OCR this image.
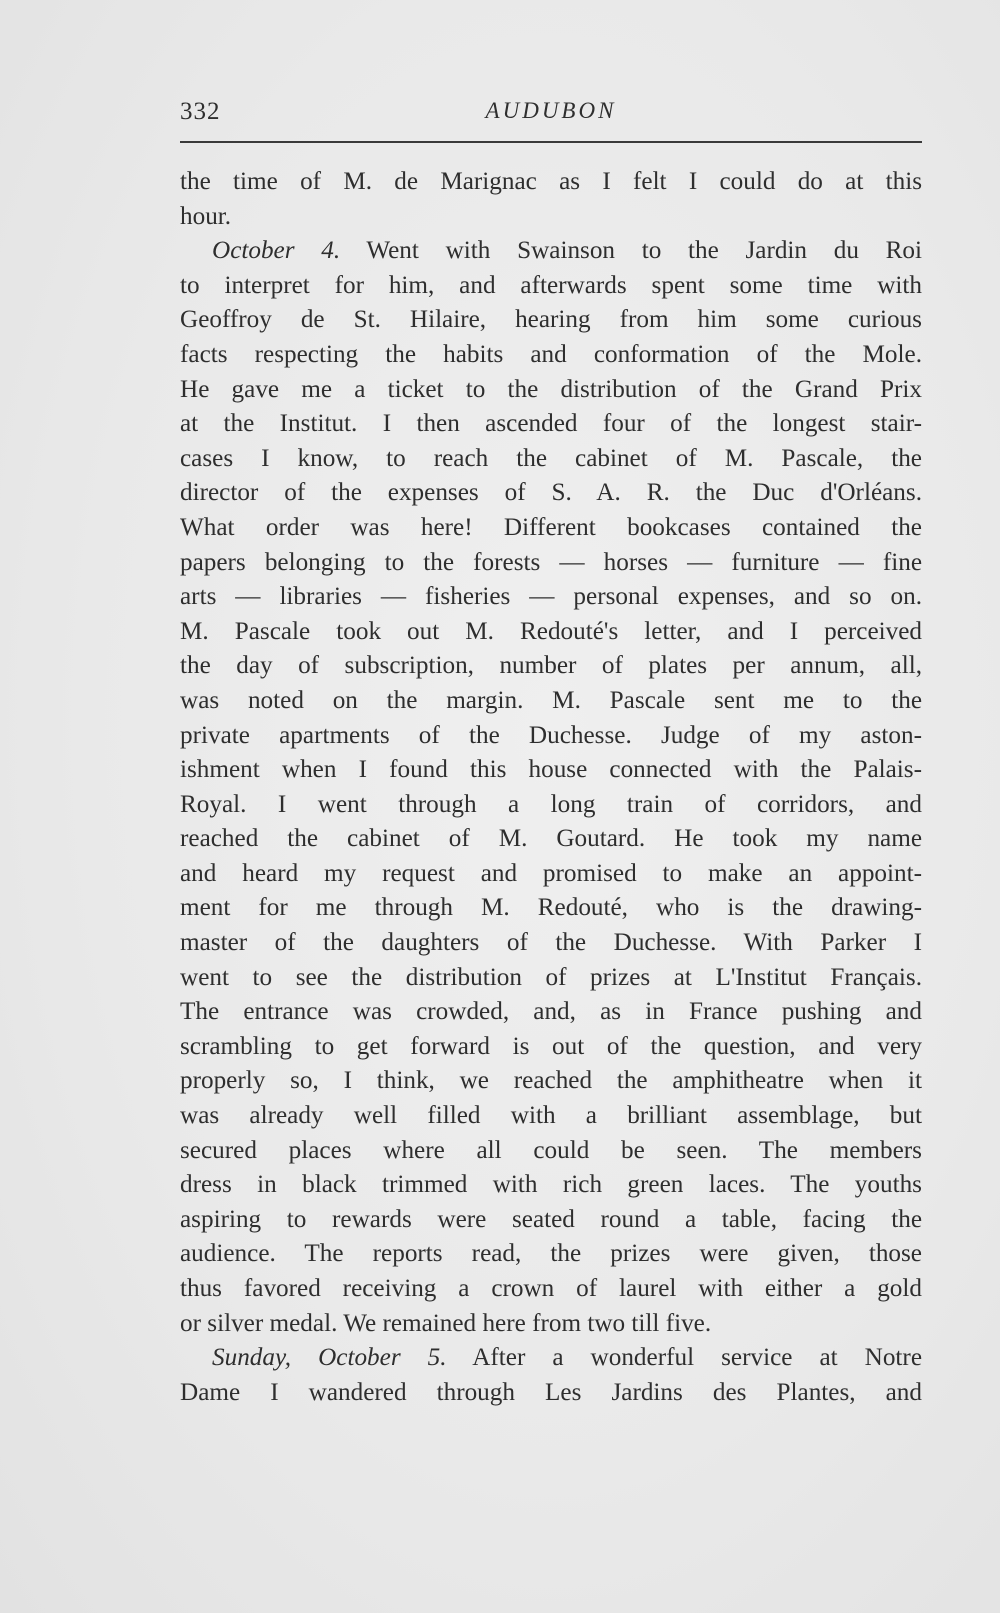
332	AUDUBON
the time of M. de Marignac as I felt I could do at this
hour.
October 4. Went with Swainson to the Jardin du Roi
to interpret for him, and afterwards spent some time with
Geoffroy de St. Hilaire, hearing from him some curious
facts respecting the habits and conformation of the Mole.
He gave me a ticket to the distribution of the Grand Prix
at the Institut. I then ascended four of the longest stair-
cases I know, to reach the cabinet of M. Pascale, the
director of the expenses of S. A. R. the Duc d'Orléans.
What order was here! Different bookcases contained the
papers belonging to the forests — horses — furniture — fine
arts — libraries — fisheries — personal expenses, and so on.
M. Pascale took out M. Redouté's letter, and I perceived
the day of subscription, number of plates per annum, all,
was noted on the margin. M. Pascale sent me to the
private apartments of the Duchesse. Judge of my aston-
ishment when I found this house connected with the Palais-
Royal. I went through a long train of corridors, and
reached the cabinet of M. Goutard. He took my name
and heard my request and promised to make an appoint-
ment for me through M. Redouté, who is the drawing-
master of the daughters of the Duchesse. With Parker I
went to see the distribution of prizes at L'Institut Français.
The entrance was crowded, and, as in France pushing and
scrambling to get forward is out of the question, and very
properly so, I think, we reached the amphitheatre when it
was already well filled with a brilliant assemblage, but
secured places where all could be seen. The members
dress in black trimmed with rich green laces. The youths
aspiring to rewards were seated round a table, facing the
audience. The reports read, the prizes were given, those
thus favored receiving a crown of laurel with either a gold
or silver medal. We remained here from two till five.
Sunday, October 5. After a wonderful service at Notre
Dame I wandered through Les Jardins des Plantes, and
